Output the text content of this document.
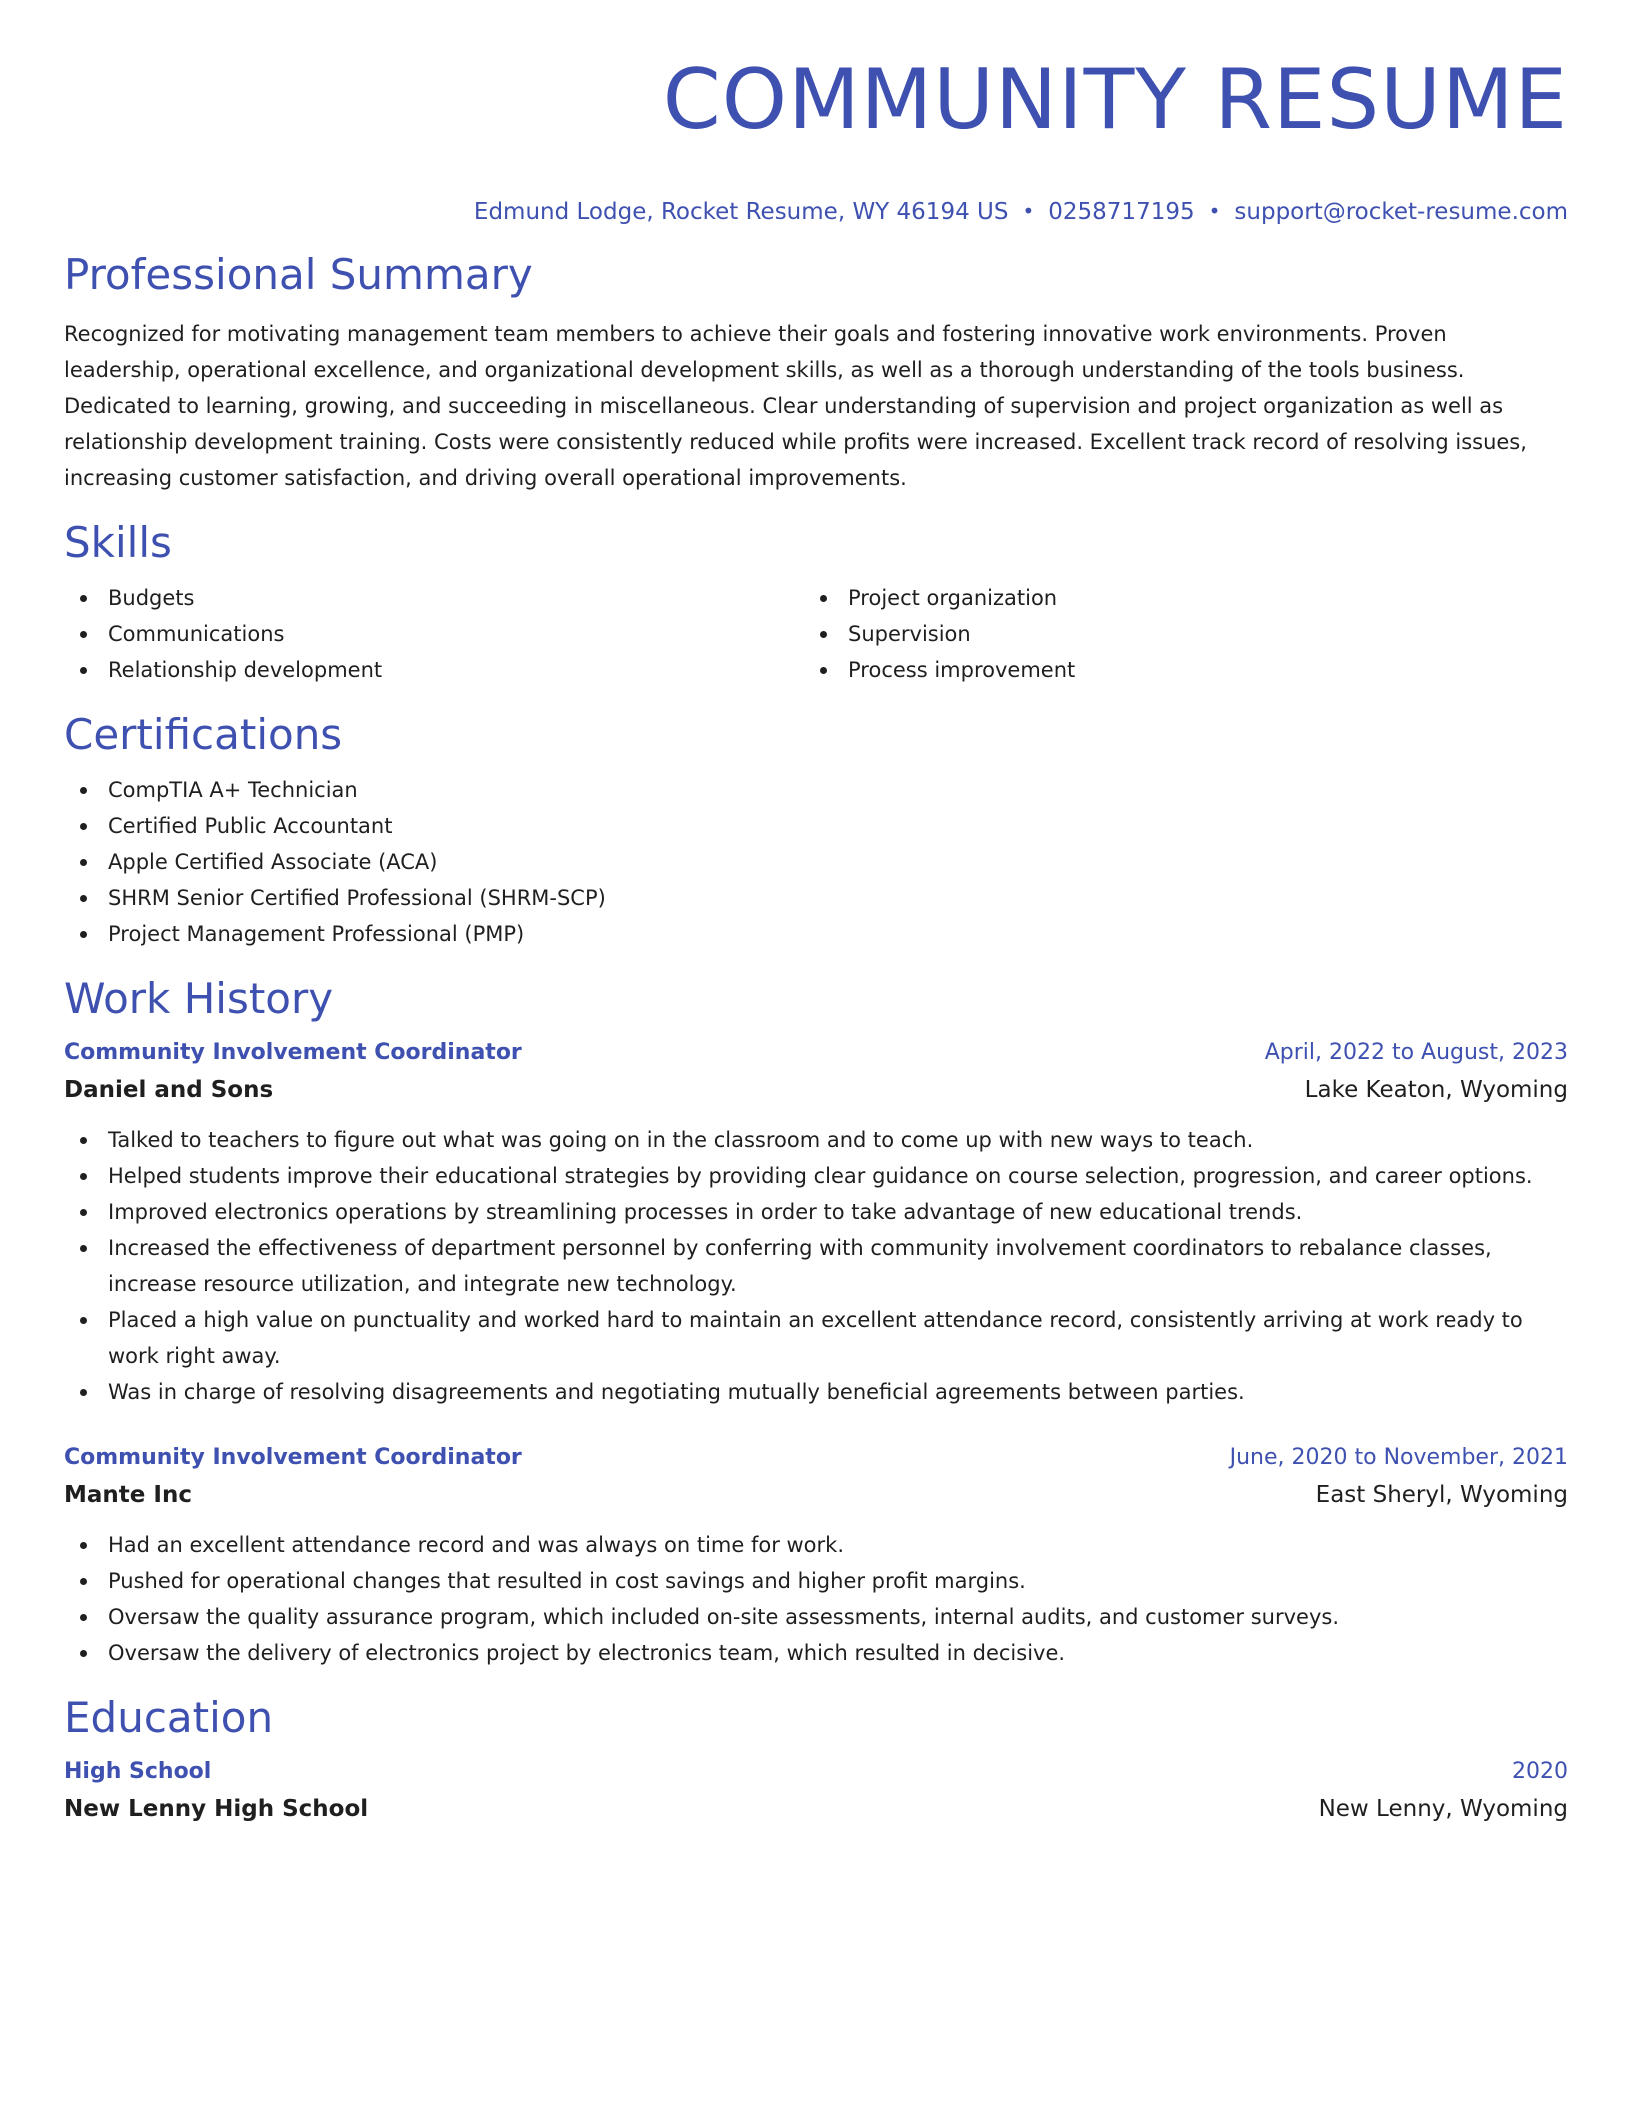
COMMUNITY RESUME
Edmund Lodge, Rocket Resume, WY 46194 US • 0258717195 • support@rocket-resume.com
Professional Summary

Recognized for motivating management team members to achieve their goals and fostering innovative work environments. Proven leadership, operational excellence, and organizational development skills, as well as a thorough understanding of the tools business. Dedicated to learning, growing, and succeeding in miscellaneous. Clear understanding of supervision and project organization as well as relationship development training. Costs were consistently reduced while profits were increased. Excellent track record of resolving issues, increasing customer satisfaction, and driving overall operational improvements.

Skills
Budgets
Communications
Relationship development
Project organization
Supervision
Process improvement
Certifications
CompTIA A+ Technician
Certified Public Accountant
Apple Certified Associate (ACA)
SHRM Senior Certified Professional (SHRM-SCP)
Project Management Professional (PMP)
Work History
Community Involvement Coordinator	April, 2022 to August, 2023
Daniel and Sons	Lake Keaton, Wyoming
Talked to teachers to figure out what was going on in the classroom and to come up with new ways to teach.
Helped students improve their educational strategies by providing clear guidance on course selection, progression, and career options.
Improved electronics operations by streamlining processes in order to take advantage of new educational trends.
Increased the effectiveness of department personnel by conferring with community involvement coordinators to rebalance classes, increase resource utilization, and integrate new technology.
Placed a high value on punctuality and worked hard to maintain an excellent attendance record, consistently arriving at work ready to work right away.
Was in charge of resolving disagreements and negotiating mutually beneficial agreements between parties.
Community Involvement Coordinator	June, 2020 to November, 2021
Mante Inc	East Sheryl, Wyoming
Had an excellent attendance record and was always on time for work.
Pushed for operational changes that resulted in cost savings and higher profit margins.
Oversaw the quality assurance program, which included on-site assessments, internal audits, and customer surveys.
Oversaw the delivery of electronics project by electronics team, which resulted in decisive.
Education
High School	2020
New Lenny High School	New Lenny, Wyoming
